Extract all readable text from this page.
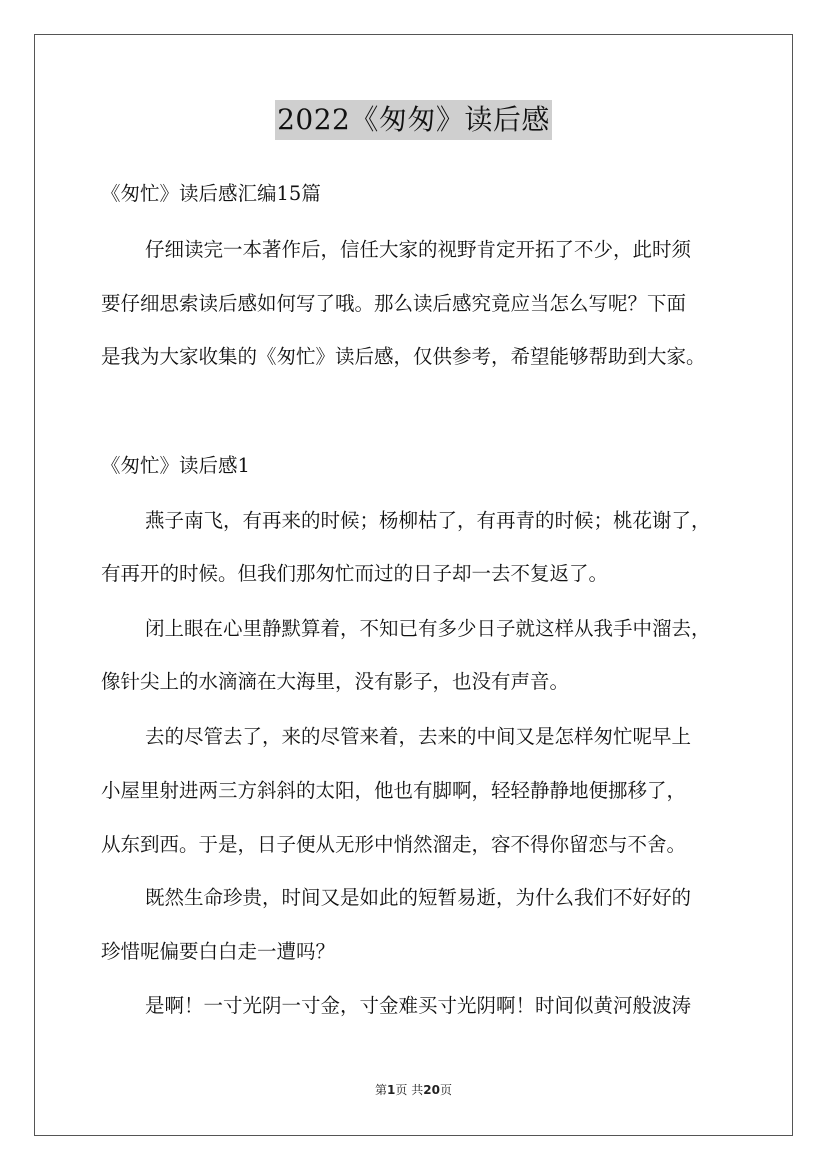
2022《匆匆》读后感
《匆忙》读后感汇编15篇
仔细读完一本著作后，信任大家的视野肯定开拓了不少，此时须
要仔细思索读后感如何写了哦。那么读后感究竟应当怎么写呢？下面
是我为大家收集的《匆忙》读后感，仅供参考，希望能够帮助到大家。
《匆忙》读后感1
燕子南飞，有再来的时候；杨柳枯了，有再青的时候；桃花谢了，
有再开的时候。但我们那匆忙而过的日子却一去不复返了。
闭上眼在心里静默算着，不知已有多少日子就这样从我手中溜去，
像针尖上的水滴滴在大海里，没有影子，也没有声音。
去的尽管去了，来的尽管来着，去来的中间又是怎样匆忙呢早上
小屋里射进两三方斜斜的太阳，他也有脚啊，轻轻静静地便挪移了，
从东到西。于是，日子便从无形中悄然溜走，容不得你留恋与不舍。
既然生命珍贵，时间又是如此的短暂易逝，为什么我们不好好的
珍惜呢偏要白白走一遭吗？
是啊！一寸光阴一寸金，寸金难买寸光阴啊！时间似黄河般波涛
第1页 共20页
